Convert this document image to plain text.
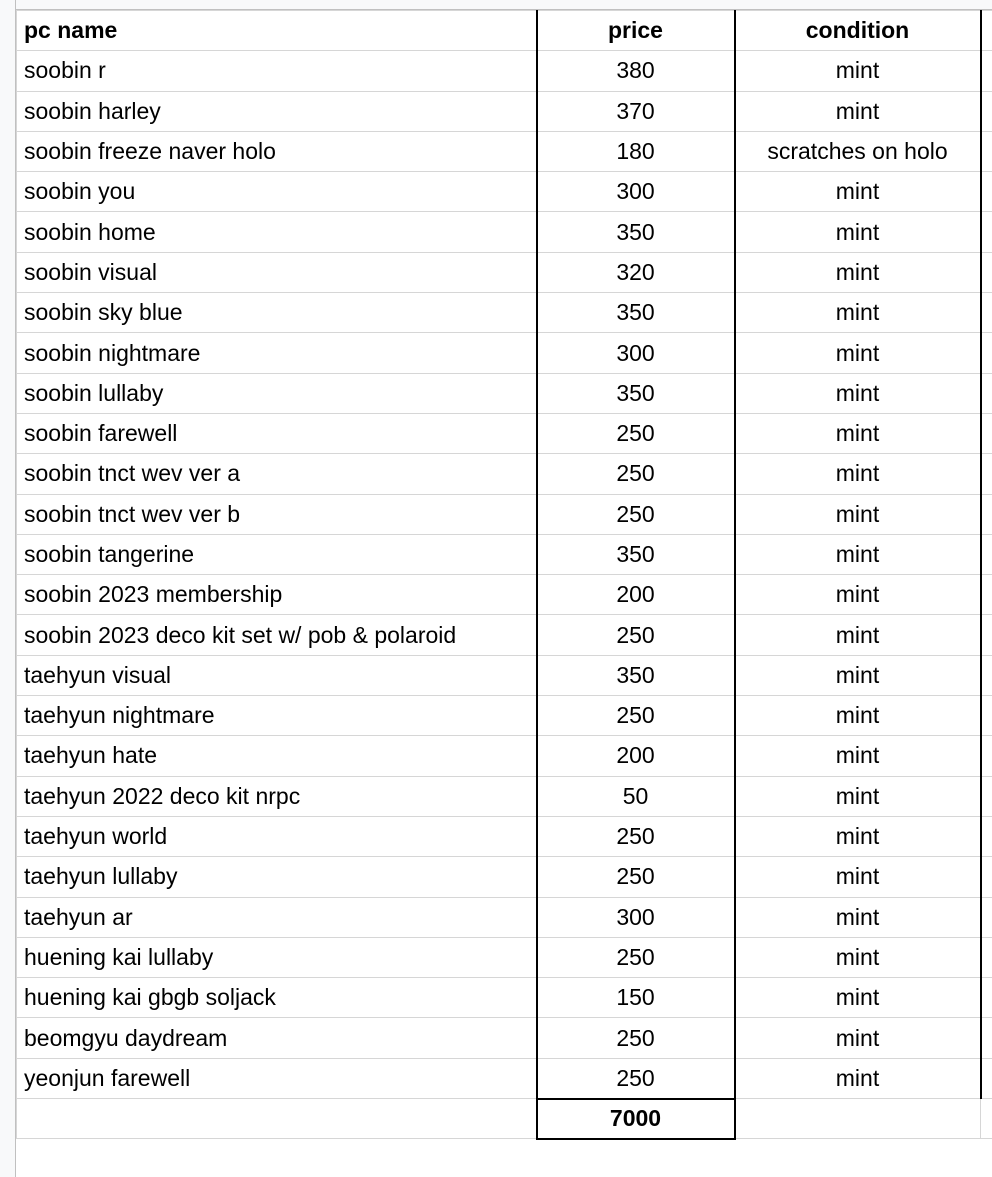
pc name	price	condition	
soobin r	380	mint	
soobin harley	370	mint	
soobin freeze naver holo	180	scratches on holo	
soobin you	300	mint	
soobin home	350	mint	
soobin visual	320	mint	
soobin sky blue	350	mint	
soobin nightmare	300	mint	
soobin lullaby	350	mint	
soobin farewell	250	mint	
soobin tnct wev ver a	250	mint	
soobin tnct wev ver b	250	mint	
soobin tangerine	350	mint	
soobin 2023 membership	200	mint	
soobin 2023 deco kit set w/ pob & polaroid	250	mint	
taehyun visual	350	mint	
taehyun nightmare	250	mint	
taehyun hate	200	mint	
taehyun 2022 deco kit nrpc	50	mint	
taehyun world	250	mint	
taehyun lullaby	250	mint	
taehyun ar	300	mint	
huening kai lullaby	250	mint	
huening kai gbgb soljack	150	mint	
beomgyu daydream	250	mint	
yeonjun farewell	250	mint	
	7000		
